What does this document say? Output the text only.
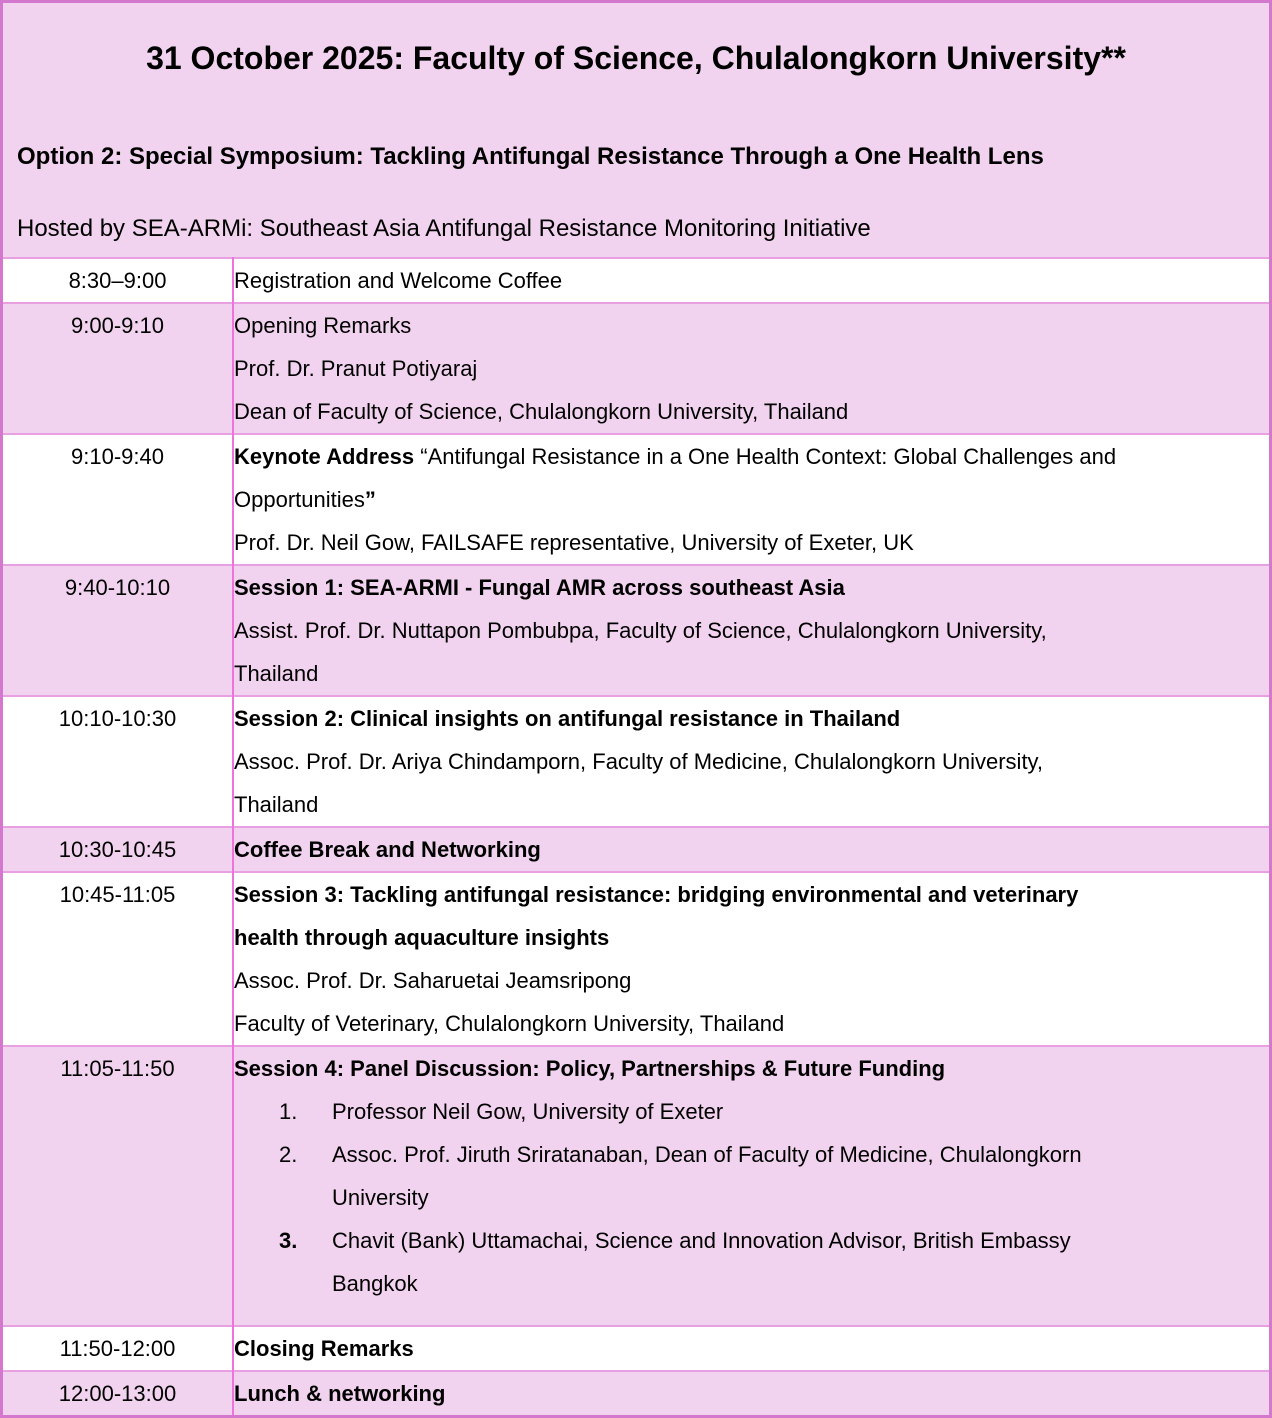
31 October 2025: Faculty of Science, Chulalongkorn University**
Option 2: Special Symposium: Tackling Antifungal Resistance Through a One Health Lens
Hosted by SEA-ARMi: Southeast Asia Antifungal Resistance Monitoring Initiative
8:30–9:00	Registration and Welcome Coffee

9:00-9:10	Opening Remarks
Prof. Dr. Pranut Potiyaraj
Dean of Faculty of Science, Chulalongkorn University, Thailand

9:10-9:40	Keynote Address “Antifungal Resistance in a One Health Context: Global Challenges and
Opportunities”
Prof. Dr. Neil Gow, FAILSAFE representative, University of Exeter, UK

9:40-10:10	Session 1: SEA-ARMI - Fungal AMR across southeast Asia
Assist. Prof. Dr. Nuttapon Pombubpa, Faculty of Science, Chulalongkorn University,
Thailand

10:10-10:30	Session 2: Clinical insights on antifungal resistance in Thailand
Assoc. Prof. Dr. Ariya Chindamporn, Faculty of Medicine, Chulalongkorn University,
Thailand

10:30-10:45	Coffee Break and Networking

10:45-11:05	Session 3: Tackling antifungal resistance: bridging environmental and veterinary
health through aquaculture insights
Assoc. Prof. Dr. Saharuetai Jeamsripong
Faculty of Veterinary, Chulalongkorn University, Thailand

11:05-11:50	Session 4: Panel Discussion: Policy, Partnerships & Future Funding
1.	Professor Neil Gow, University of Exeter
2.	Assoc. Prof. Jiruth Sriratanaban, Dean of Faculty of Medicine, Chulalongkorn
University
3.	Chavit (Bank) Uttamachai, Science and Innovation Advisor, British Embassy
Bangkok

11:50-12:00	Closing Remarks

12:00-13:00	Lunch & networking
